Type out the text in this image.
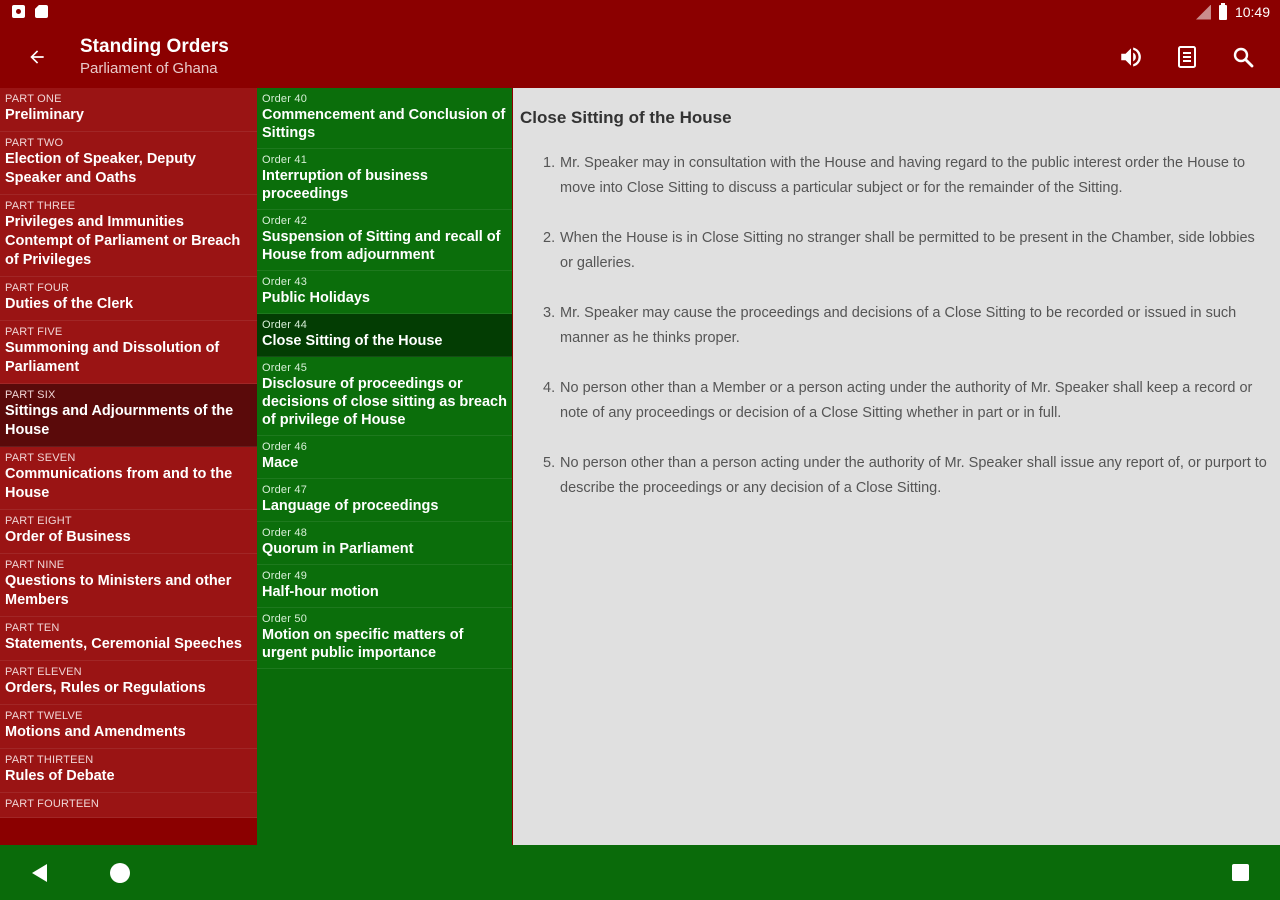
10:49
Standing Orders
Parliament of Ghana
PART ONE
Preliminary
PART TWO
Election of Speaker, Deputy Speaker and Oaths
PART THREE
Privileges and Immunities Contempt of Parliament or Breach of Privileges
PART FOUR
Duties of the Clerk
PART FIVE
Summoning and Dissolution of Parliament
PART SIX
Sittings and Adjournments of the House
PART SEVEN
Communications from and to the House
PART EIGHT
Order of Business
PART NINE
Questions to Ministers and other Members
PART TEN
Statements, Ceremonial Speeches
PART ELEVEN
Orders, Rules or Regulations
PART TWELVE
Motions and Amendments
PART THIRTEEN
Rules of Debate
PART FOURTEEN
Order 40
Commencement and Conclusion of Sittings
Order 41
Interruption of business proceedings
Order 42
Suspension of Sitting and recall of House from adjournment
Order 43
Public Holidays
Order 44
Close Sitting of the House
Order 45
Disclosure of proceedings or decisions of close sitting as breach of privilege of House
Order 46
Mace
Order 47
Language of proceedings
Order 48
Quorum in Parliament
Order 49
Half-hour motion
Order 50
Motion on specific matters of urgent public importance
Close Sitting of the House
1. Mr. Speaker may in consultation with the House and having regard to the public interest order the House to move into Close Sitting to discuss a particular subject or for the remainder of the Sitting.
2. When the House is in Close Sitting no stranger shall be permitted to be present in the Chamber, side lobbies or galleries.
3. Mr. Speaker may cause the proceedings and decisions of a Close Sitting to be recorded or issued in such manner as he thinks proper.
4. No person other than a Member or a person acting under the authority of Mr. Speaker shall keep a record or note of any proceedings or decision of a Close Sitting whether in part or in full.
5. No person other than a person acting under the authority of Mr. Speaker shall issue any report of, or purport to describe the proceedings or any decision of a Close Sitting.
